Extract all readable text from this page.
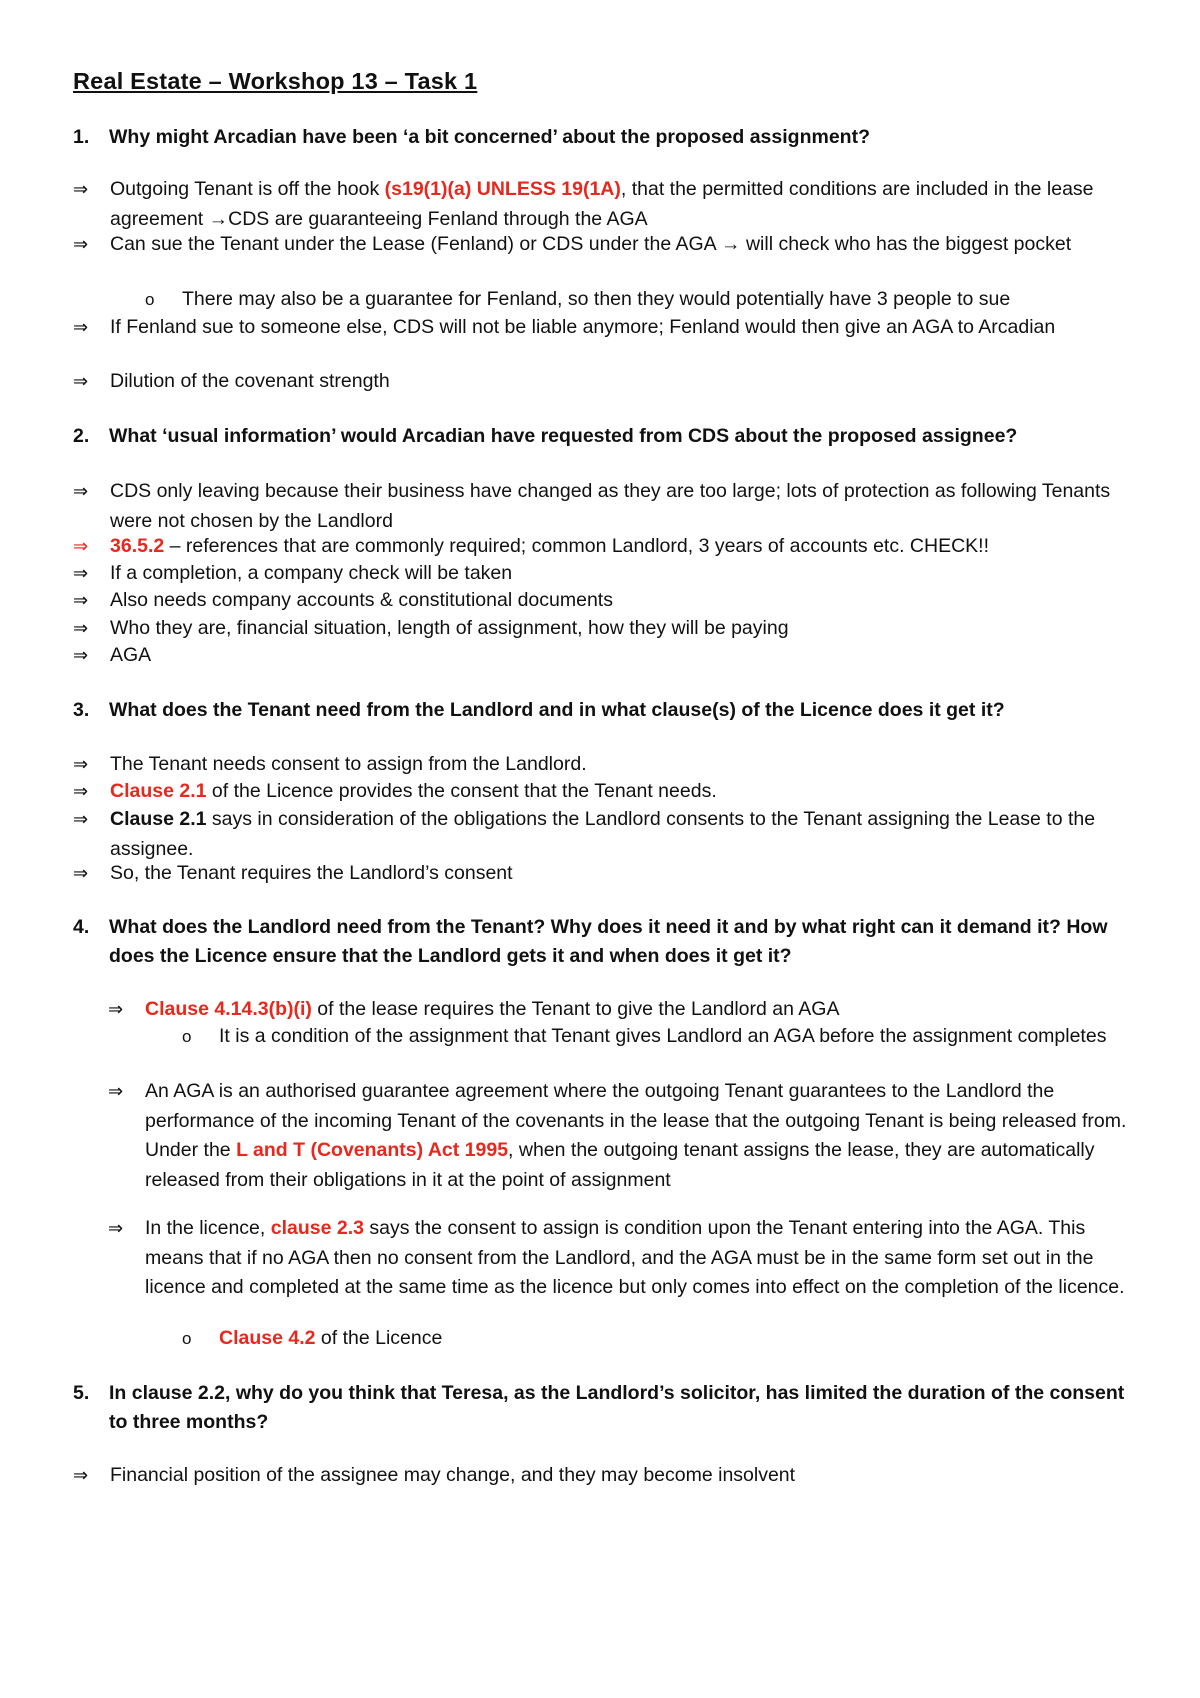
Real Estate – Workshop 13 – Task 1
1. Why might Arcadian have been ‘a bit concerned’ about the proposed assignment?
⇒ Outgoing Tenant is off the hook (s19(1)(a) UNLESS 19(1A), that the permitted conditions are included in the lease agreement →CDS are guaranteeing Fenland through the AGA
⇒ Can sue the Tenant under the Lease (Fenland) or CDS under the AGA → will check who has the biggest pocket
o There may also be a guarantee for Fenland, so then they would potentially have 3 people to sue
⇒ If Fenland sue to someone else, CDS will not be liable anymore; Fenland would then give an AGA to Arcadian
⇒ Dilution of the covenant strength
2. What ‘usual information’ would Arcadian have requested from CDS about the proposed assignee?
⇒ CDS only leaving because their business have changed as they are too large; lots of protection as following Tenants were not chosen by the Landlord
⇒ 36.5.2 – references that are commonly required; common Landlord, 3 years of accounts etc. CHECK!!
⇒ If a completion, a company check will be taken
⇒ Also needs company accounts & constitutional documents
⇒ Who they are, financial situation, length of assignment, how they will be paying
⇒ AGA
3. What does the Tenant need from the Landlord and in what clause(s) of the Licence does it get it?
⇒ The Tenant needs consent to assign from the Landlord.
⇒ Clause 2.1 of the Licence provides the consent that the Tenant needs.
⇒ Clause 2.1 says in consideration of the obligations the Landlord consents to the Tenant assigning the Lease to the assignee.
⇒ So, the Tenant requires the Landlord’s consent
4. What does the Landlord need from the Tenant? Why does it need it and by what right can it demand it? How does the Licence ensure that the Landlord gets it and when does it get it?
⇒ Clause 4.14.3(b)(i) of the lease requires the Tenant to give the Landlord an AGA
o It is a condition of the assignment that Tenant gives Landlord an AGA before the assignment completes
⇒ An AGA is an authorised guarantee agreement where the outgoing Tenant guarantees to the Landlord the performance of the incoming Tenant of the covenants in the lease that the outgoing Tenant is being released from. Under the L and T (Covenants) Act 1995, when the outgoing tenant assigns the lease, they are automatically released from their obligations in it at the point of assignment
⇒ In the licence, clause 2.3 says the consent to assign is condition upon the Tenant entering into the AGA. This means that if no AGA then no consent from the Landlord, and the AGA must be in the same form set out in the licence and completed at the same time as the licence but only comes into effect on the completion of the licence.
o Clause 4.2 of the Licence
5. In clause 2.2, why do you think that Teresa, as the Landlord’s solicitor, has limited the duration of the consent to three months?
⇒ Financial position of the assignee may change, and they may become insolvent
